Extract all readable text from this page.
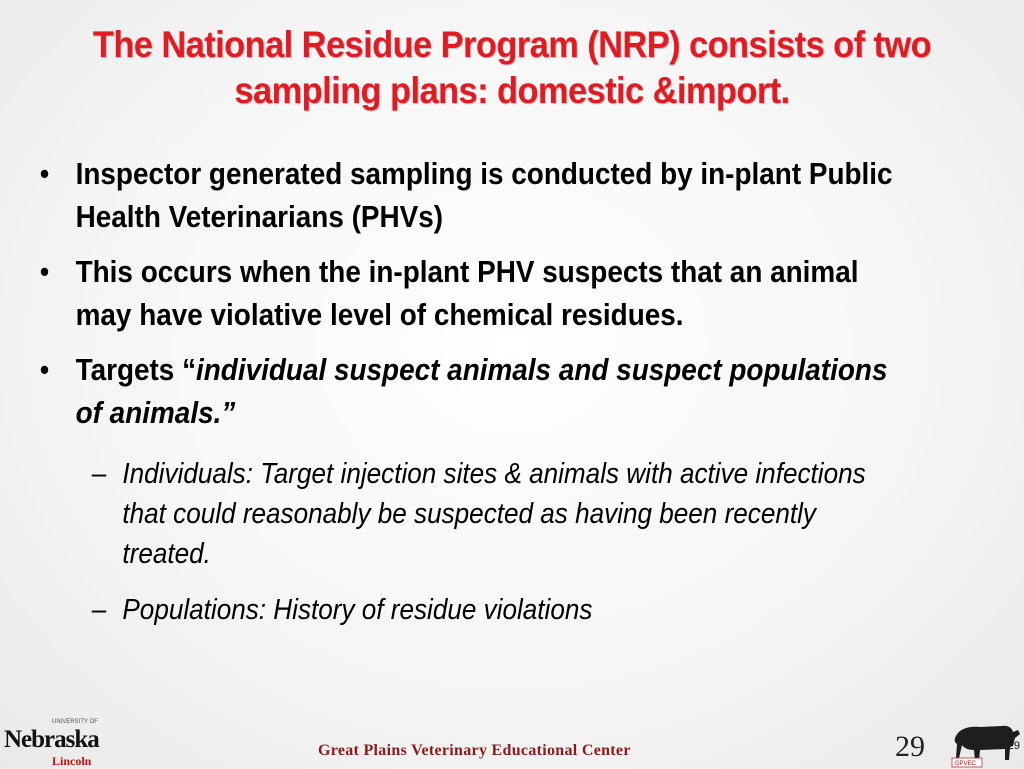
The National Residue Program (NRP) consists of two sampling plans: domestic &import.
• Inspector generated sampling is conducted by in-plant Public Health Veterinarians (PHVs)
• This occurs when the in-plant PHV suspects that an animal may have violative level of chemical residues.
• Targets “individual suspect animals and suspect populations of animals.”
– Individuals: Target injection sites & animals with active infections that could reasonably be suspected as having been recently treated.
– Populations: History of residue violations
UNIVERSITY OF
Nebraska
Lincoln
Great Plains Veterinary Educational Center	29
GPVEC
29
